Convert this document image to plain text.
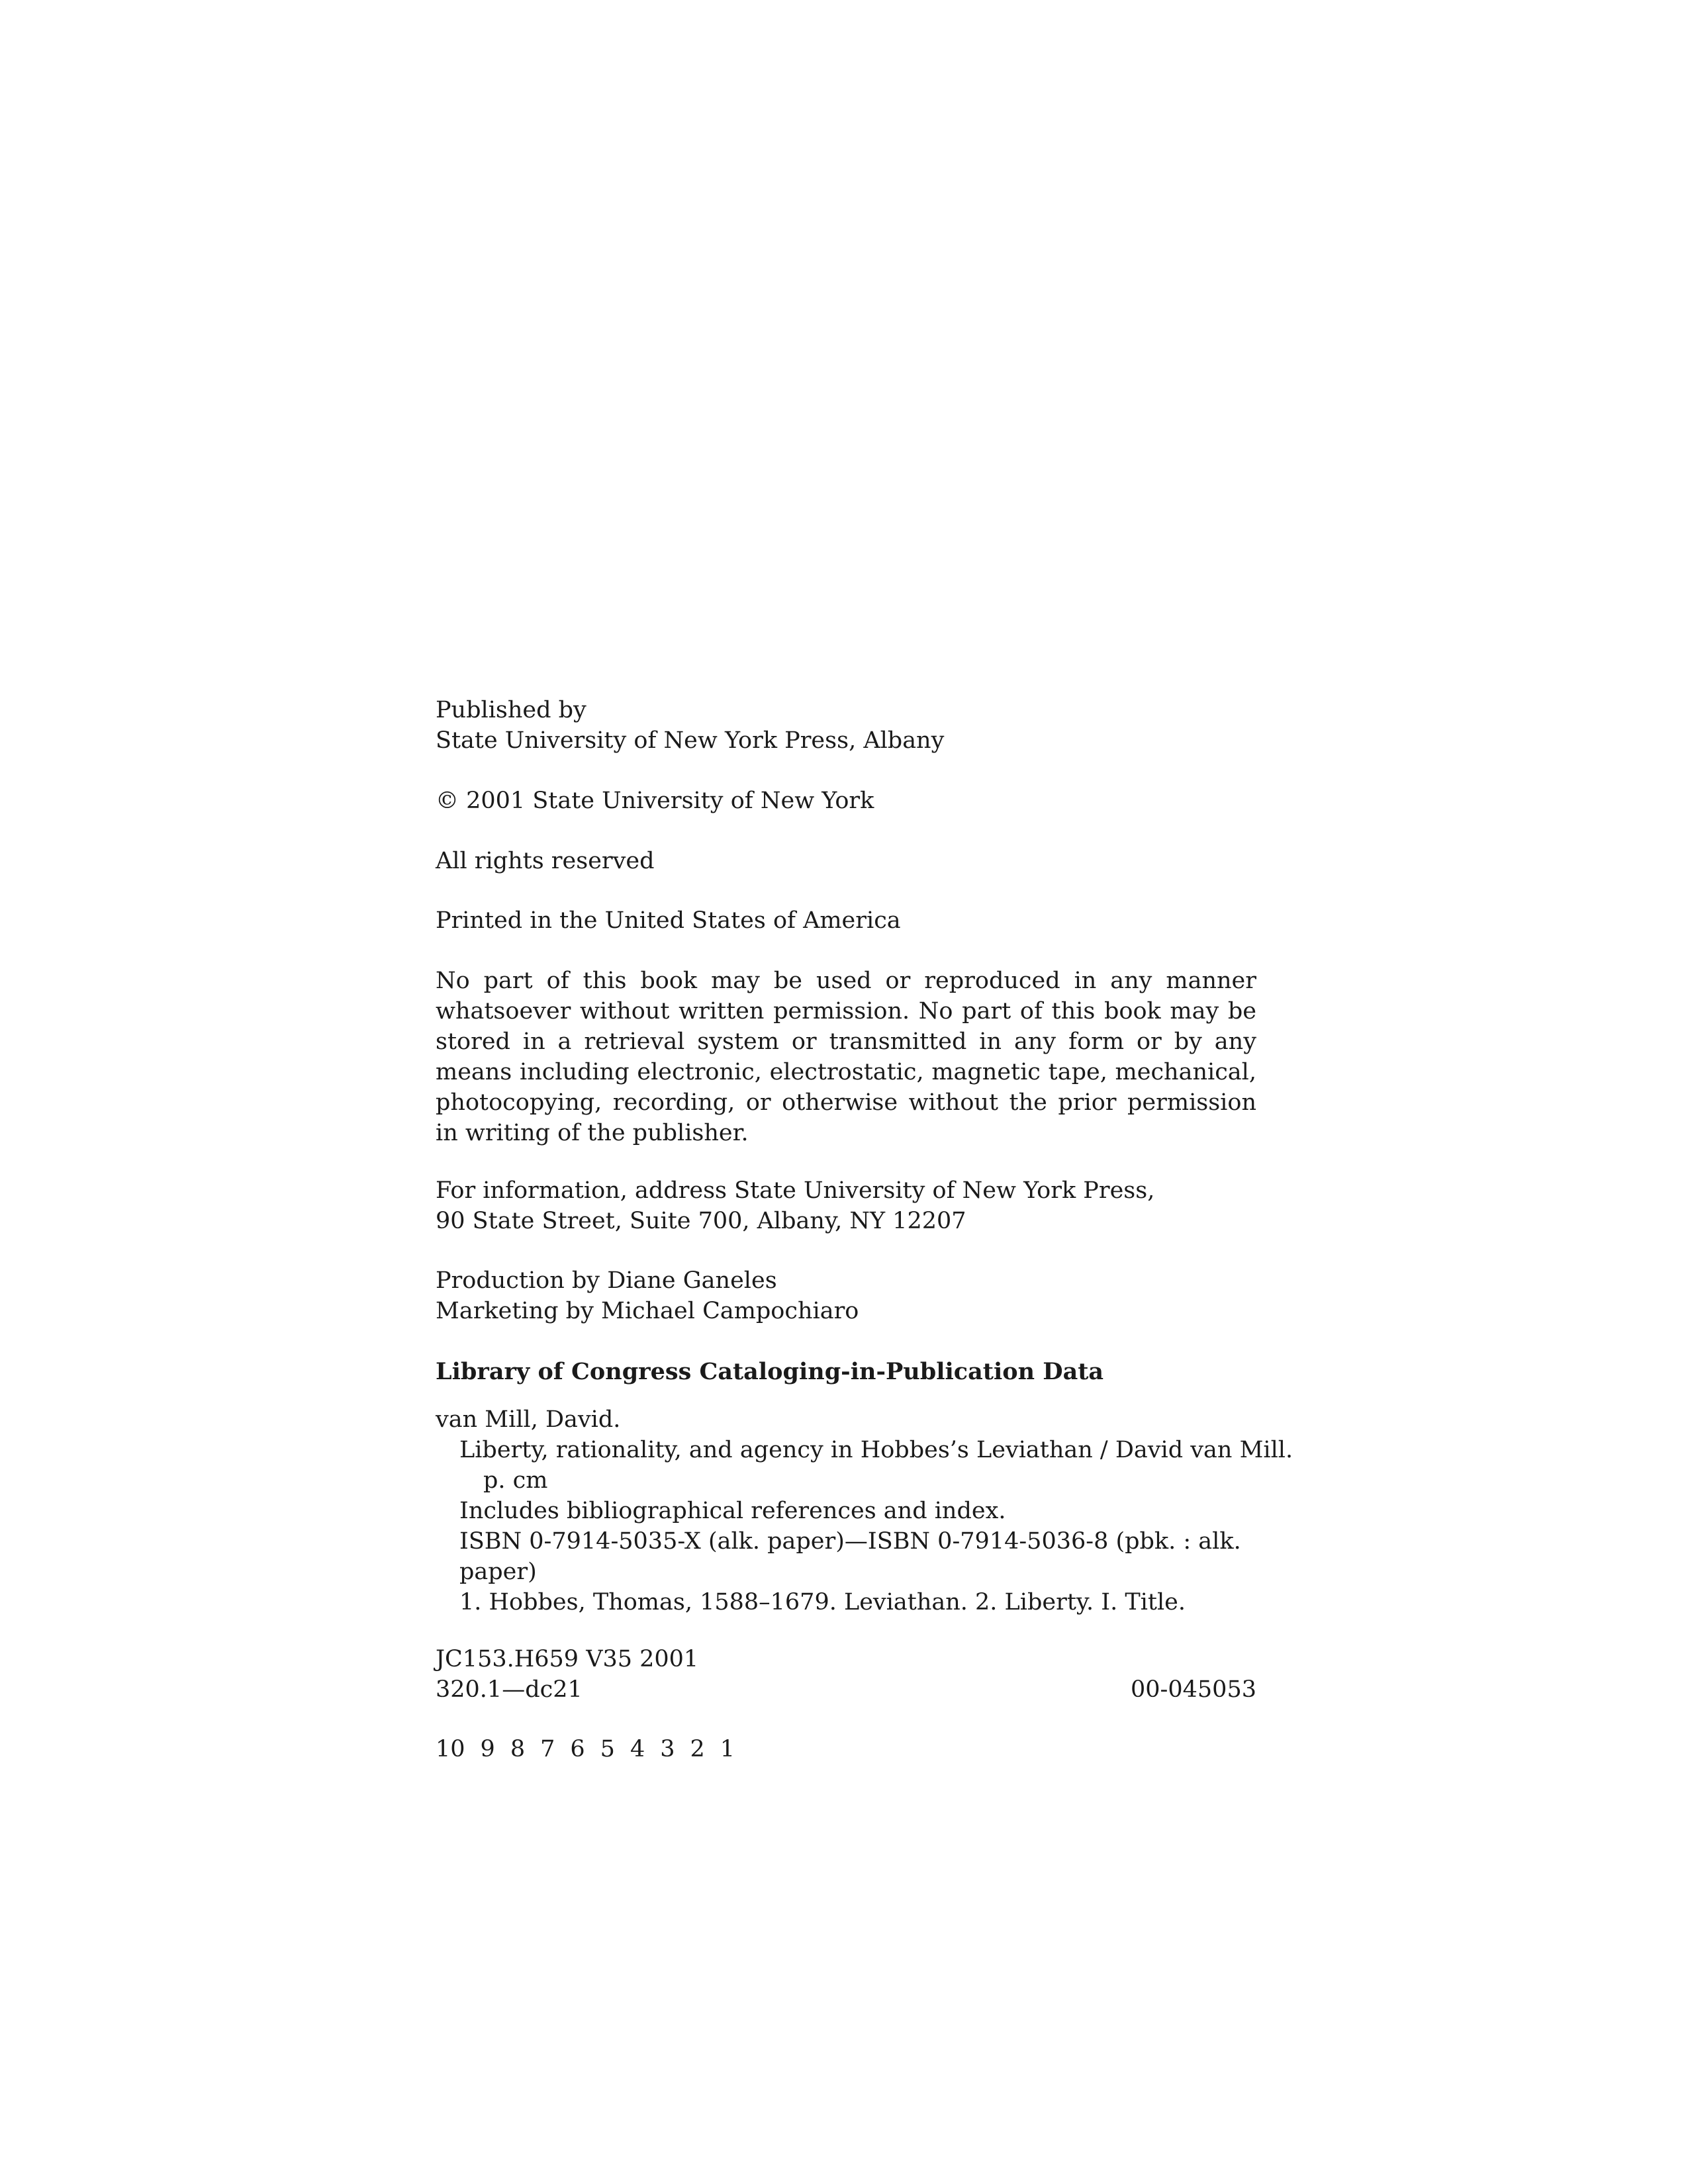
Published by
State University of New York Press, Albany
© 2001 State University of New York
All rights reserved
Printed in the United States of America
No part of this book may be used or reproduced in any manner whatsoever without written permission. No part of this book may be stored in a retrieval system or transmitted in any form or by any means including electronic, electrostatic, magnetic tape, mechanical, photocopying, recording, or otherwise without the prior permission in writing of the publisher.
For information, address State University of New York Press,
90 State Street, Suite 700, Albany, NY 12207
Production by Diane Ganeles
Marketing by Michael Campochiaro
Library of Congress Cataloging-in-Publication Data
van Mill, David.
Liberty, rationality, and agency in Hobbes’s Leviathan / David van Mill.
p. cm
Includes bibliographical references and index.
ISBN 0-7914-5035-X (alk. paper)—ISBN 0-7914-5036-8 (pbk. : alk.
paper)
1. Hobbes, Thomas, 1588–1679. Leviathan. 2. Liberty. I. Title.
JC153.H659 V35 2001
320.1—dc21	00-045053
10 9 8 7 6 5 4 3 2 1
